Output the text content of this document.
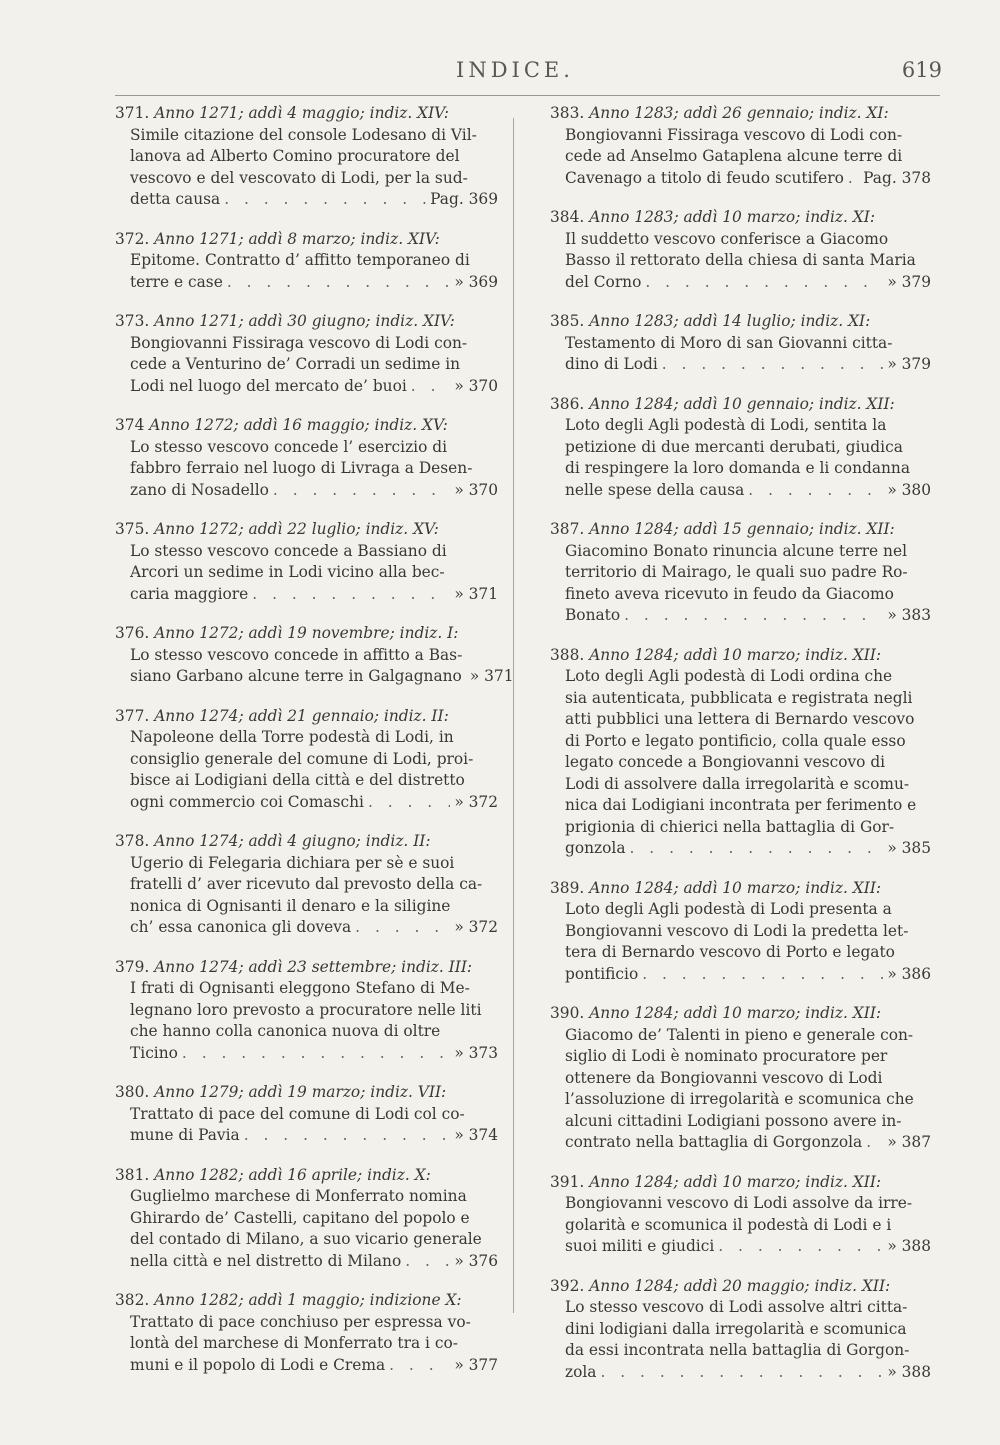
INDICE.	619
371. Anno 1271; addì 4 maggio; indiz. XIV:
Simile citazione del console Lodesano di Vil-
lanova ad Alberto Comino procuratore del
vescovo e del vescovato di Lodi, per la sud-
detta causa . . .	Pag. 369
372. Anno 1271; addì 8 marzo; indiz. XIV:
Epitome. Contratto d’ affitto temporaneo di
terre e case . . .	» 369
373. Anno 1271; addì 30 giugno; indiz. XIV:
Bongiovanni Fissiraga vescovo di Lodi con-
cede a Venturino de’ Corradi un sedime in
Lodi nel luogo del mercato de’ buoi . . .	» 370
374 Anno 1272; addì 16 maggio; indiz. XV:
Lo stesso vescovo concede l’ esercizio di
fabbro ferraio nel luogo di Livraga a Desen-
zano di Nosadello . . .	» 370
375. Anno 1272; addì 22 luglio; indiz. XV:
Lo stesso vescovo concede a Bassiano di
Arcori un sedime in Lodi vicino alla bec-
caria maggiore . . .	» 371
376. Anno 1272; addì 19 novembre; indiz. I:
Lo stesso vescovo concede in affitto a Bas-
siano Garbano alcune terre in Galgagnano » 371
377. Anno 1274; addì 21 gennaio; indiz. II:
Napoleone della Torre podestà di Lodi, in
consiglio generale del comune di Lodi, proi-
bisce ai Lodigiani della città e del distretto
ogni commercio coi Comaschi . . .	» 372
378. Anno 1274; addì 4 giugno; indiz. II:
Ugerio di Felegaria dichiara per sè e suoi
fratelli d’ aver ricevuto dal prevosto della ca-
nonica di Ognisanti il denaro e la siligine
ch’ essa canonica gli doveva . . .	» 372
379. Anno 1274; addì 23 settembre; indiz. III:
I frati di Ognisanti eleggono Stefano di Me-
legnano loro prevosto a procuratore nelle liti
che hanno colla canonica nuova di oltre
Ticino . . .	» 373
380. Anno 1279; addì 19 marzo; indiz. VII:
Trattato di pace del comune di Lodi col co-
mune di Pavia . . .	» 374
381. Anno 1282; addì 16 aprile; indiz. X:
Guglielmo marchese di Monferrato nomina
Ghirardo de’ Castelli, capitano del popolo e
del contado di Milano, a suo vicario generale
nella città e nel distretto di Milano . . .	» 376
382. Anno 1282; addì 1 maggio; indizione X:
Trattato di pace conchiuso per espressa vo-
lontà del marchese di Monferrato tra i co-
muni e il popolo di Lodi e Crema . . .	» 377
383. Anno 1283; addì 26 gennaio; indiz. XI:
Bongiovanni Fissiraga vescovo di Lodi con-
cede ad Anselmo Gataplena alcune terre di
Cavenago a titolo di feudo scutifero . . . Pag. 378
384. Anno 1283; addì 10 marzo; indiz. XI:
Il suddetto vescovo conferisce a Giacomo
Basso il rettorato della chiesa di santa Maria
del Corno . . .	» 379
385. Anno 1283; addì 14 luglio; indiz. XI:
Testamento di Moro di san Giovanni citta-
dino di Lodi . . .	» 379
386. Anno 1284; addì 10 gennaio; indiz. XII:
Loto degli Agli podestà di Lodi, sentita la
petizione di due mercanti derubati, giudica
di respingere la loro domanda e li condanna
nelle spese della causa . . .	» 380
387. Anno 1284; addì 15 gennaio; indiz. XII:
Giacomino Bonato rinuncia alcune terre nel
territorio di Mairago, le quali suo padre Ro-
fineto aveva ricevuto in feudo da Giacomo
Bonato . . .	» 383
388. Anno 1284; addì 10 marzo; indiz. XII:
Loto degli Agli podestà di Lodi ordina che
sia autenticata, pubblicata e registrata negli
atti pubblici una lettera di Bernardo vescovo
di Porto e legato pontificio, colla quale esso
legato concede a Bongiovanni vescovo di
Lodi di assolvere dalla irregolarità e scomu-
nica dai Lodigiani incontrata per ferimento e
prigionia di chierici nella battaglia di Gor-
gonzola . . .	» 385
389. Anno 1284; addì 10 marzo; indiz. XII:
Loto degli Agli podestà di Lodi presenta a
Bongiovanni vescovo di Lodi la predetta let-
tera di Bernardo vescovo di Porto e legato
pontificio . . .	» 386
390. Anno 1284; addì 10 marzo; indiz. XII:
Giacomo de’ Talenti in pieno e generale con-
siglio di Lodi è nominato procuratore per
ottenere da Bongiovanni vescovo di Lodi
l’assoluzione di irregolarità e scomunica che
alcuni cittadini Lodigiani possono avere in-
contrato nella battaglia di Gorgonzola . . . » 387
391. Anno 1284; addì 10 marzo; indiz. XII:
Bongiovanni vescovo di Lodi assolve da irre-
golarità e scomunica il podestà di Lodi e i
suoi militi e giudici . . .	» 388
392. Anno 1284; addì 20 maggio; indiz. XII:
Lo stesso vescovo di Lodi assolve altri citta-
dini lodigiani dalla irregolarità e scomunica
da essi incontrata nella battaglia di Gorgon-
zola . . .	» 388
